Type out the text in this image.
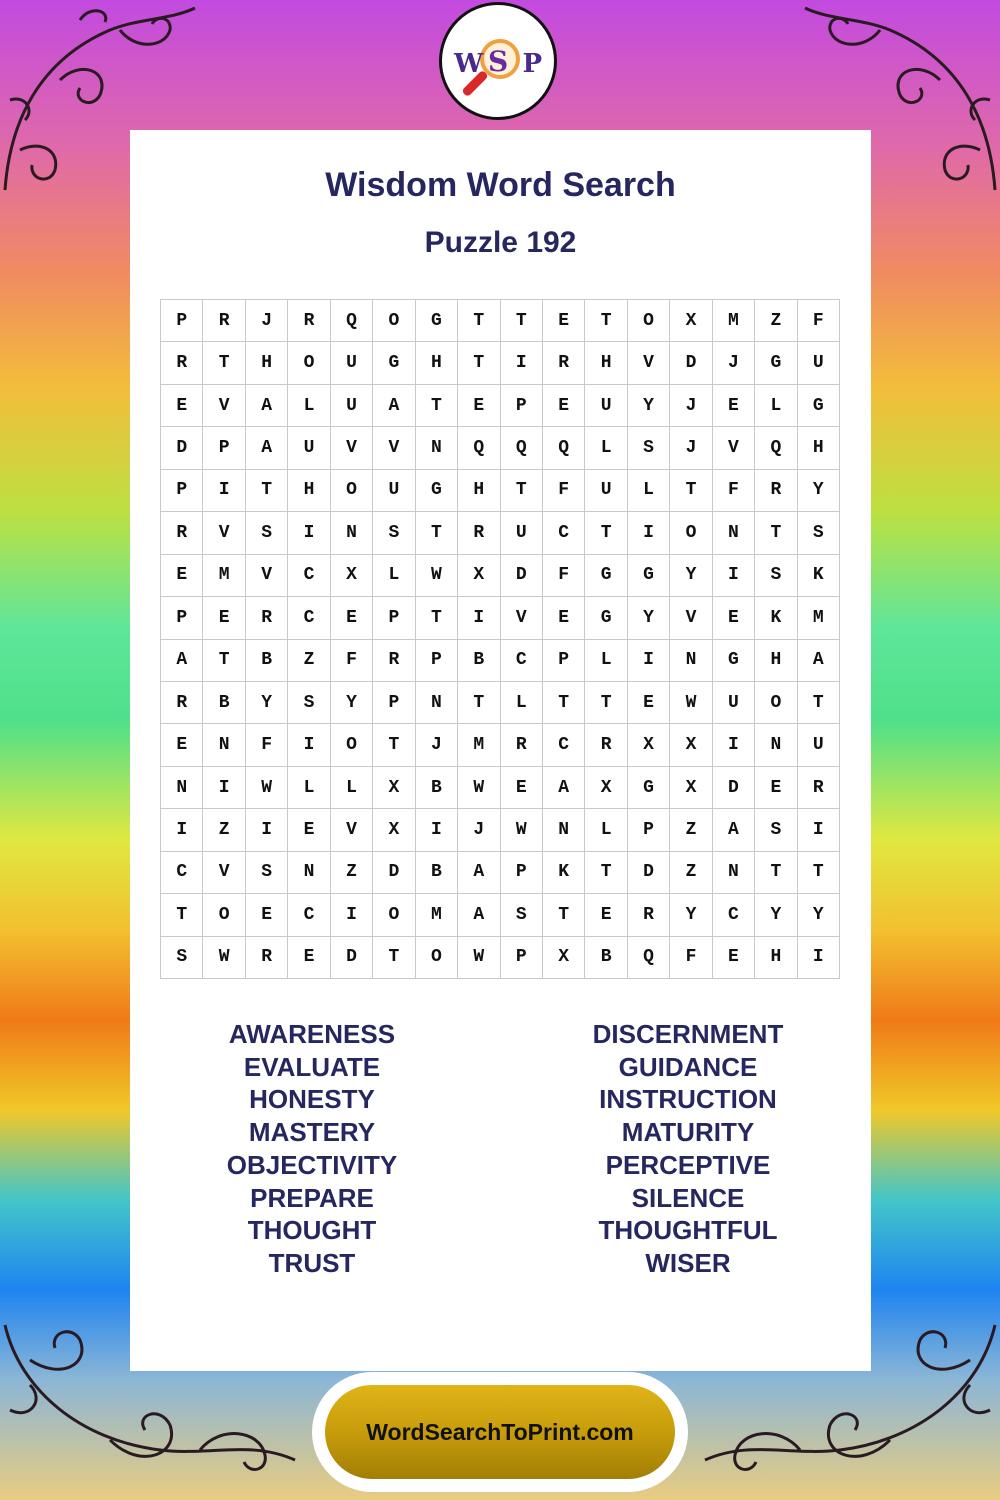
W S P
Wisdom Word Search
Puzzle 192
P	R	J	R	Q	O	G	T	T	E	T	O	X	M	Z	F
R	T	H	O	U	G	H	T	I	R	H	V	D	J	G	U
E	V	A	L	U	A	T	E	P	E	U	Y	J	E	L	G
D	P	A	U	V	V	N	Q	Q	Q	L	S	J	V	Q	H
P	I	T	H	O	U	G	H	T	F	U	L	T	F	R	Y
R	V	S	I	N	S	T	R	U	C	T	I	O	N	T	S
E	M	V	C	X	L	W	X	D	F	G	G	Y	I	S	K
P	E	R	C	E	P	T	I	V	E	G	Y	V	E	K	M
A	T	B	Z	F	R	P	B	C	P	L	I	N	G	H	A
R	B	Y	S	Y	P	N	T	L	T	T	E	W	U	O	T
E	N	F	I	O	T	J	M	R	C	R	X	X	I	N	U
N	I	W	L	L	X	B	W	E	A	X	G	X	D	E	R
I	Z	I	E	V	X	I	J	W	N	L	P	Z	A	S	I
C	V	S	N	Z	D	B	A	P	K	T	D	Z	N	T	T
T	O	E	C	I	O	M	A	S	T	E	R	Y	C	Y	Y
S	W	R	E	D	T	O	W	P	X	B	Q	F	E	H	I
AWARENESS
EVALUATE
HONESTY
MASTERY
OBJECTIVITY
PREPARE
THOUGHT
TRUST
DISCERNMENT
GUIDANCE
INSTRUCTION
MATURITY
PERCEPTIVE
SILENCE
THOUGHTFUL
WISER
WordSearchToPrint.com
